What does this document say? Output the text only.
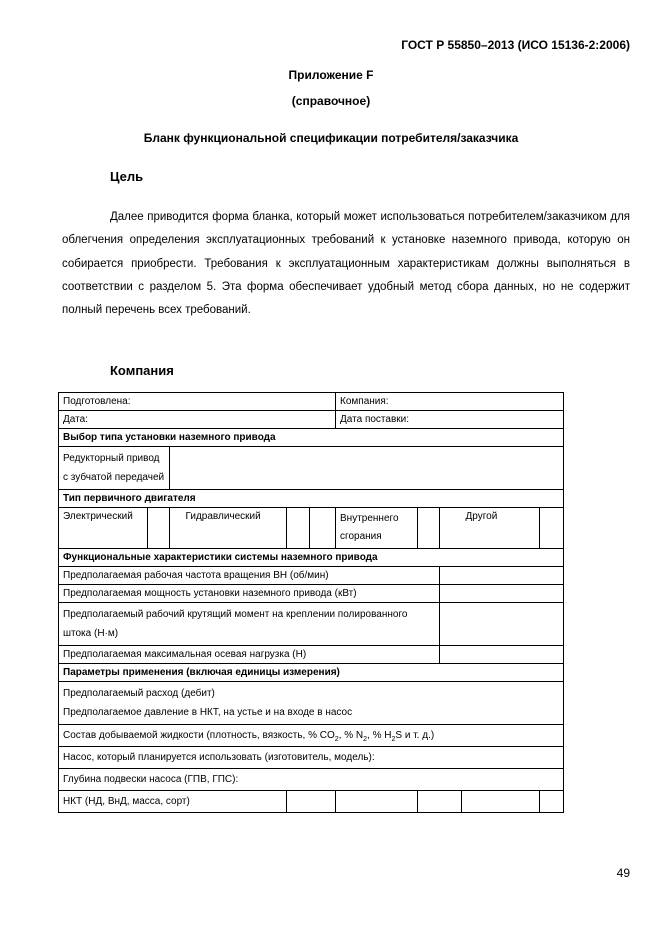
ГОСТ Р 55850–2013 (ИСО 15136-2:2006)
Приложение F
(справочное)
Бланк функциональной спецификации потребителя/заказчика
Цель
Далее приводится форма бланка, который может использоваться потребителем/заказчиком для облегчения определения эксплуатационных требований к установке наземного привода, которую он собирается приобрести. Требования к эксплуатационным характеристикам должны выполняться в соответствии с разделом 5. Эта форма обеспечивает удобный метод сбора данных, но не содержит полный перечень всех требований.
Компания
Подготовлена:						Компания:				
Дата:						Дата поставки:				
Выбор типа установки наземного привода										
Редукторный привод с зубчатой передачей										
Тип первичного двигателя										
Электрический			Гидравлический			Внутреннего сгорания			Другой	
Функциональные характеристики системы наземного привода										
Предполагаемая рабочая частота вращения ВН (об/мин)										
Предполагаемая мощность установки наземного привода (кВт)										
Предполагаемый рабочий крутящий момент на креплении полированного штока (Н·м)										
Предполагаемая максимальная осевая нагрузка (Н)										
Параметры применения (включая единицы измерения)										

Предполагаемый расход (дебит)
Предполагаемое давление в НКТ, на устье и на входе в насос										

Состав добываемой жидкости (плотность, вязкость, % $CO_2$, % $N_2$, % $H_2S$ и т. д.)										
Насос, который планируется использовать (изготовитель, модель):										
Глубина подвески насоса (ГПВ, ГПС):										
НКТ (НД, ВнД, масса, сорт)										
49
